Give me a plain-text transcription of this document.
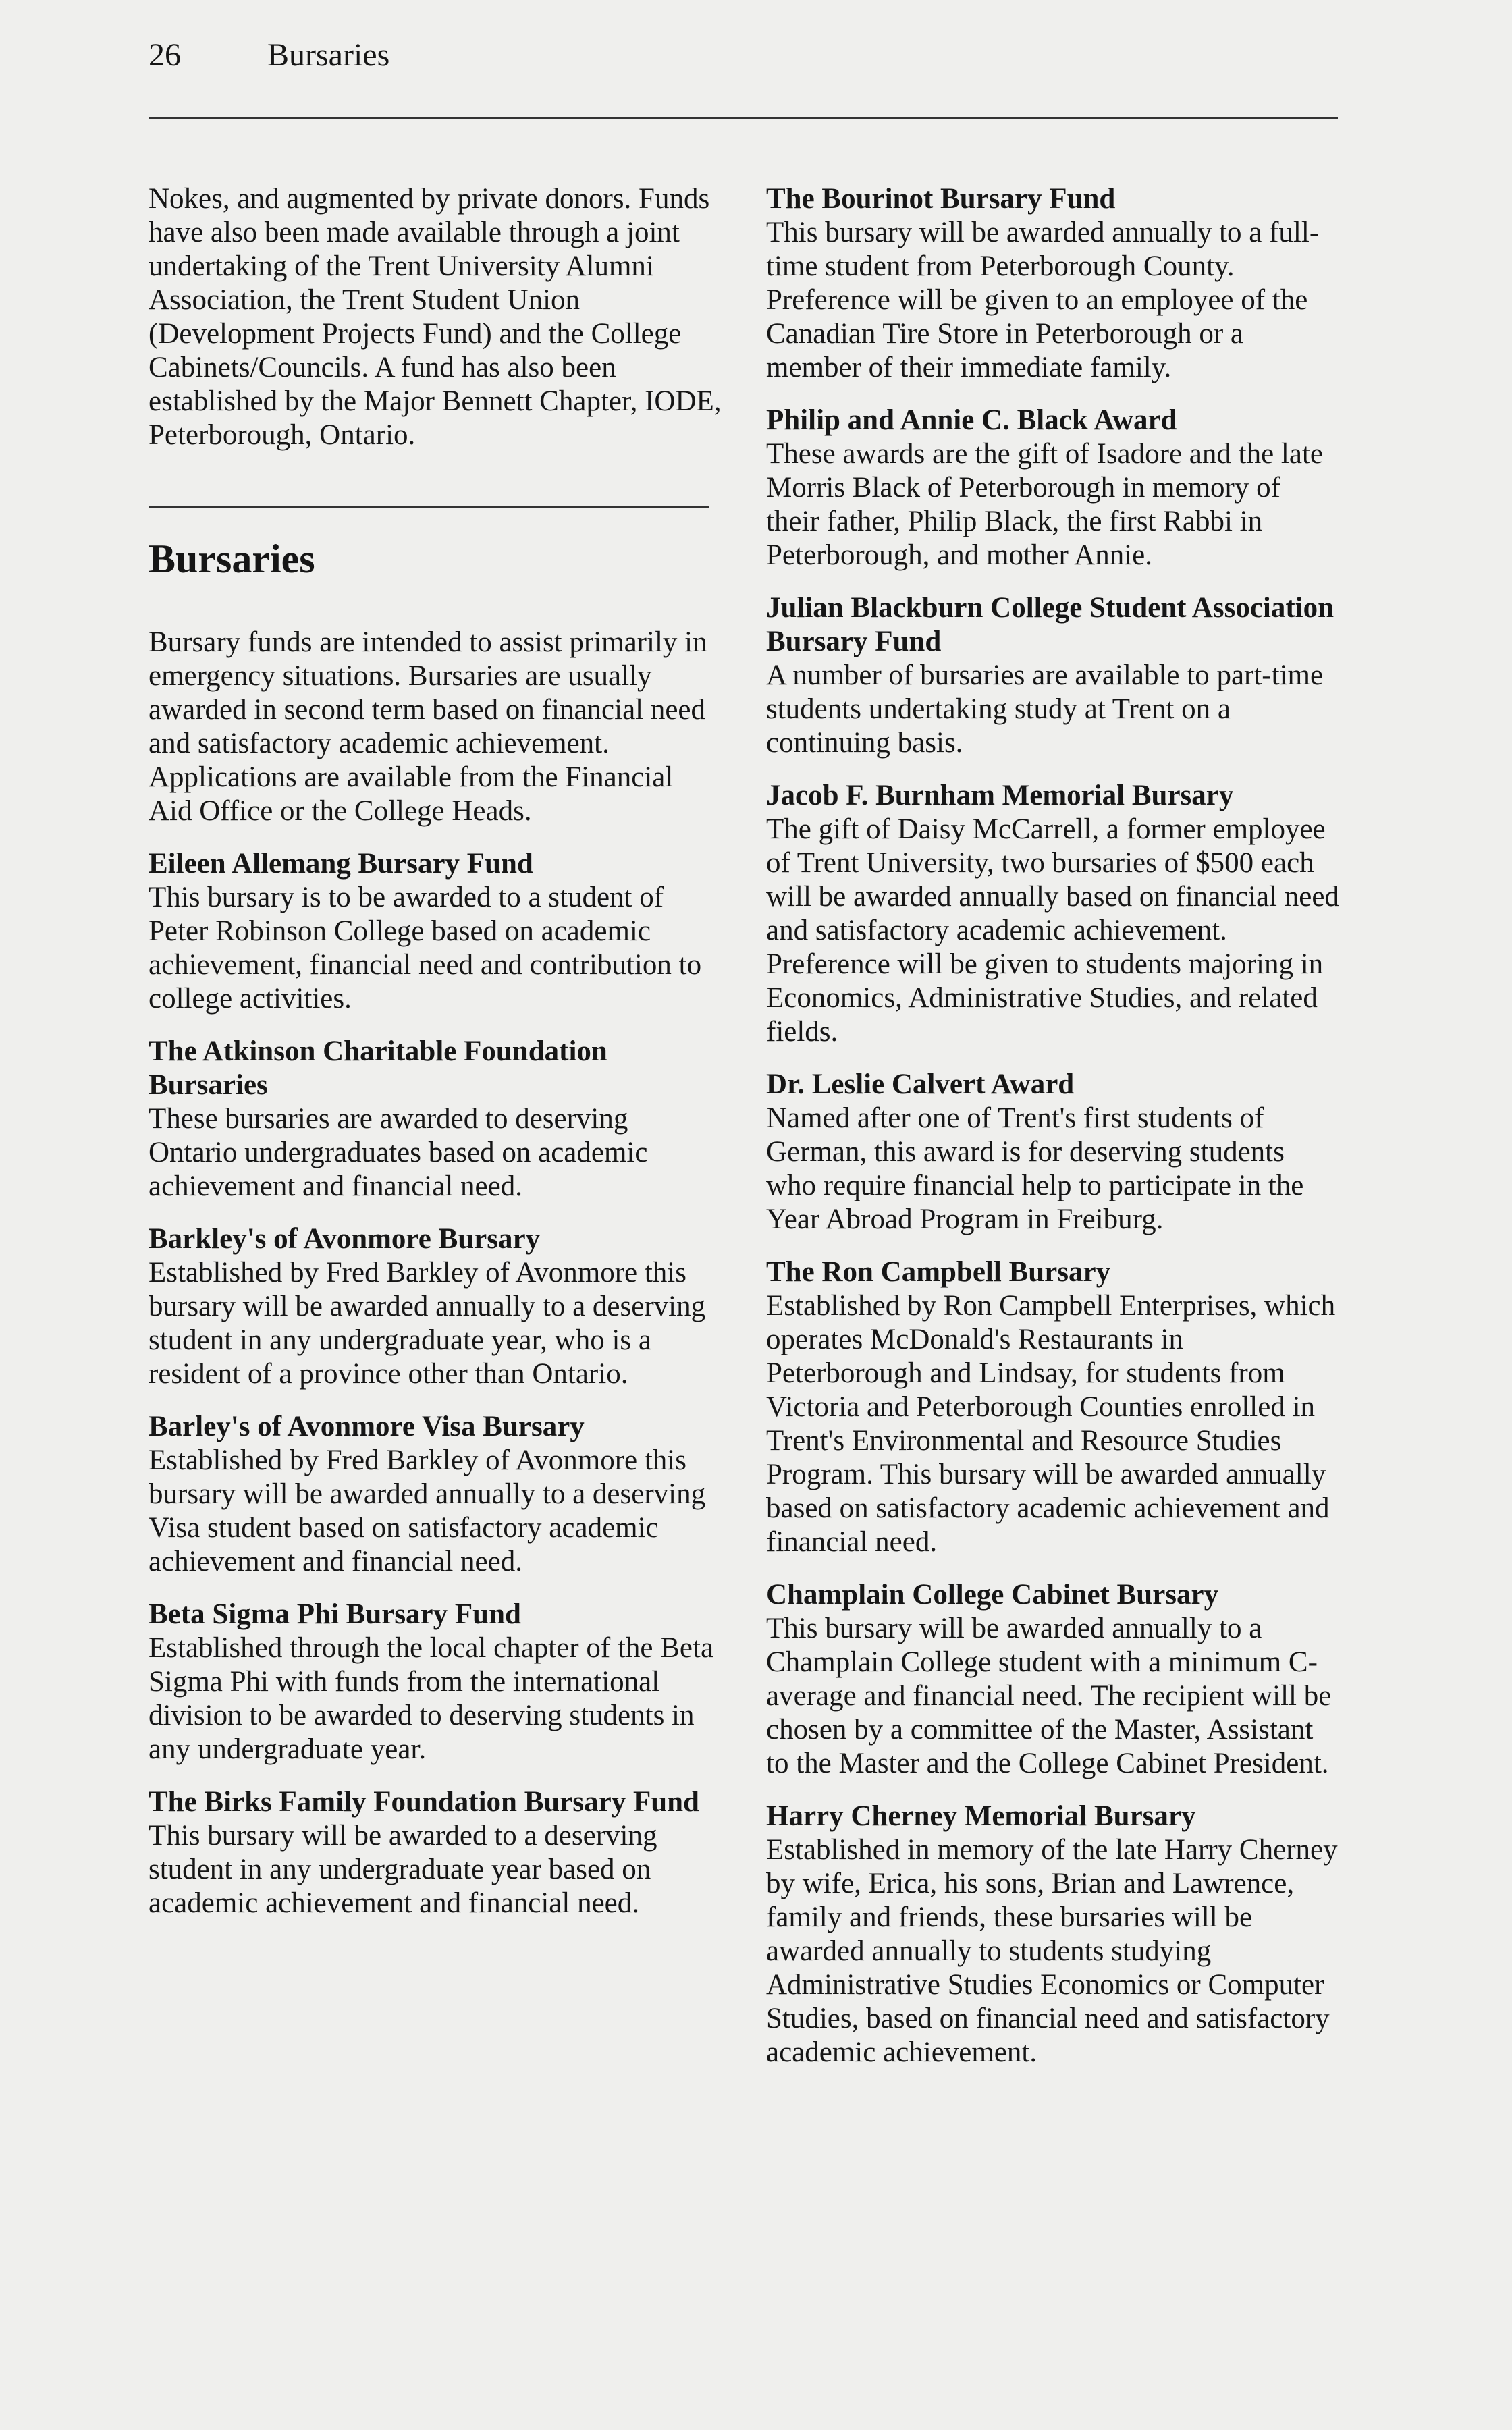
26	Bursaries

Nokes, and augmented by private donors. Funds have also been made available through a joint undertaking of the Trent University Alumni Association, the Trent Student Union (Development Projects Fund) and the College Cabinets/Councils. A fund has also been established by the Major Bennett Chapter, IODE, Peterborough, Ontario.

Bursaries

Bursary funds are intended to assist primarily in emergency situations. Bursaries are usually awarded in second term based on financial need and satisfactory academic achievement. Applications are available from the Financial Aid Office or the College Heads.

Eileen Allemang Bursary Fund

This bursary is to be awarded to a student of Peter Robinson College based on academic achievement, financial need and contribution to college activities.

The Atkinson Charitable Foundation Bursaries

These bursaries are awarded to deserving Ontario undergraduates based on academic achievement and financial need.

Barkley's of Avonmore Bursary

Established by Fred Barkley of Avonmore this bursary will be awarded annually to a deserving student in any undergraduate year, who is a resident of a province other than Ontario.

Barley's of Avonmore Visa Bursary

Established by Fred Barkley of Avonmore this bursary will be awarded annually to a deserving Visa student based on satisfactory academic achievement and financial need.

Beta Sigma Phi Bursary Fund

Established through the local chapter of the Beta Sigma Phi with funds from the international division to be awarded to deserving students in any undergraduate year.

The Birks Family Foundation Bursary Fund

This bursary will be awarded to a deserving student in any undergraduate year based on academic achievement and financial need.

The Bourinot Bursary Fund

This bursary will be awarded annually to a full-time student from Peterborough County. Preference will be given to an employee of the Canadian Tire Store in Peterborough or a member of their immediate family.

Philip and Annie C. Black Award

These awards are the gift of Isadore and the late Morris Black of Peterborough in memory of their father, Philip Black, the first Rabbi in Peterborough, and mother Annie.

Julian Blackburn College Student Association Bursary Fund

A number of bursaries are available to part-time students undertaking study at Trent on a continuing basis.

Jacob F. Burnham Memorial Bursary

The gift of Daisy McCarrell, a former employee of Trent University, two bursaries of $500 each will be awarded annually based on financial need and satisfactory academic achievement. Preference will be given to students majoring in Economics, Administrative Studies, and related fields.

Dr. Leslie Calvert Award

Named after one of Trent's first students of German, this award is for deserving students who require financial help to participate in the Year Abroad Program in Freiburg.

The Ron Campbell Bursary

Established by Ron Campbell Enterprises, which operates McDonald's Restaurants in Peterborough and Lindsay, for students from Victoria and Peterborough Counties enrolled in Trent's Environmental and Resource Studies Program. This bursary will be awarded annually based on satisfactory academic achievement and financial need.

Champlain College Cabinet Bursary

This bursary will be awarded annually to a Champlain College student with a minimum C- average and financial need. The recipient will be chosen by a committee of the Master, Assistant to the Master and the College Cabinet President.

Harry Cherney Memorial Bursary

Established in memory of the late Harry Cherney by wife, Erica, his sons, Brian and Lawrence, family and friends, these bursaries will be awarded annually to students studying Administrative Studies Economics or Computer Studies, based on financial need and satisfactory academic achievement.
